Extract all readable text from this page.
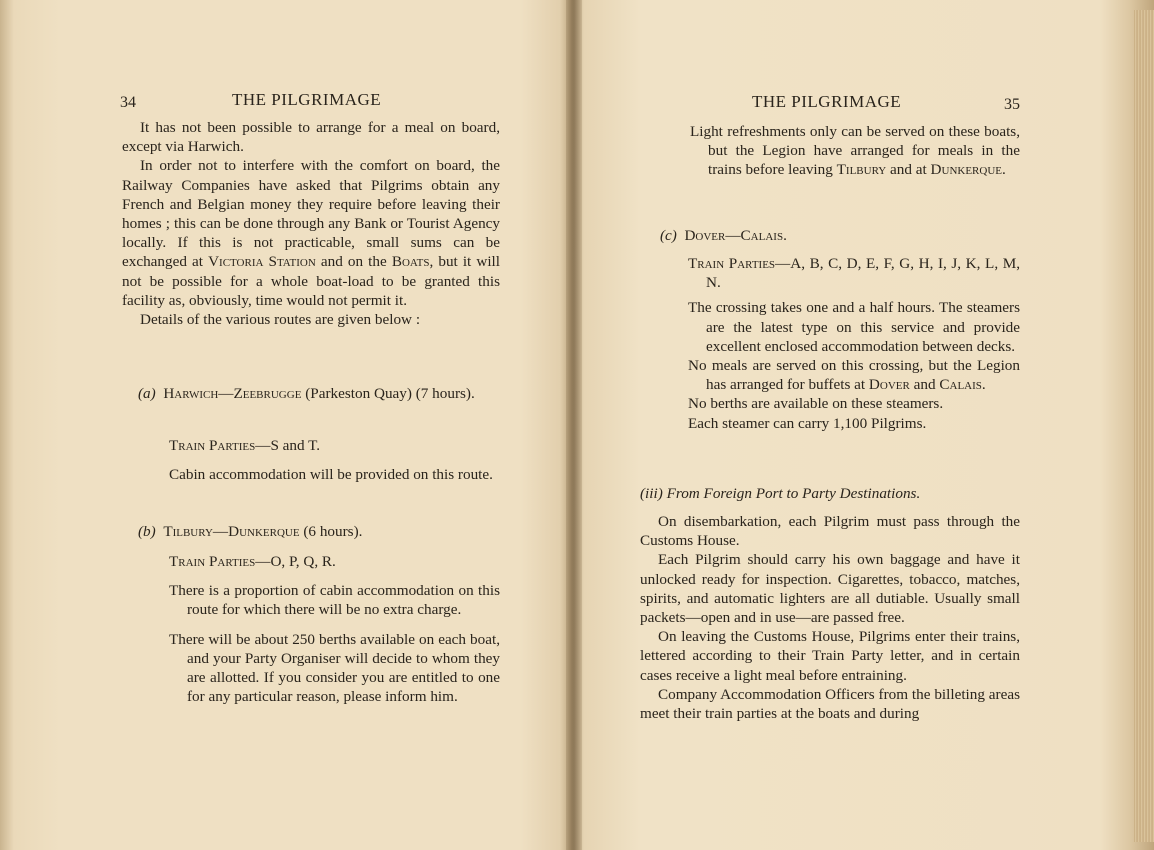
34	THE PILGRIMAGE

It has not been possible to arrange for a meal on board, except via Harwich.

In order not to interfere with the comfort on board, the Railway Companies have asked that Pilgrims obtain any French and Belgian money they require before leaving their homes ; this can be done through any Bank or Tourist Agency locally. If this is not practicable, small sums can be exchanged at Victoria Station and on the Boats, but it will not be possible for a whole boat-load to be granted this facility as, obviously, time would not permit it.

Details of the various routes are given below :

(a) Harwich—Zeebrugge (Parkeston Quay) (7 hours).

Train Parties—S and T.

Cabin accommodation will be provided on this route.

(b) Tilbury—Dunkerque (6 hours).

Train Parties—O, P, Q, R.

There is a proportion of cabin accommodation on this route for which there will be no extra charge.

There will be about 250 berths available on each boat, and your Party Organiser will decide to whom they are allotted. If you consider you are entitled to one for any particular reason, please inform him.

THE PILGRIMAGE	35

Light refreshments only can be served on these boats, but the Legion have arranged for meals in the trains before leaving Tilbury and at Dunkerque.

(c) Dover—Calais.

Train Parties—A, B, C, D, E, F, G, H, I, J, K, L, M, N.

The crossing takes one and a half hours. The steamers are the latest type on this service and provide excellent enclosed accommodation between decks.

No meals are served on this crossing, but the Legion has arranged for buffets at Dover and Calais.

No berths are available on these steamers.

Each steamer can carry 1,100 Pilgrims.

(iii) From Foreign Port to Party Destinations.

On disembarkation, each Pilgrim must pass through the Customs House.

Each Pilgrim should carry his own baggage and have it unlocked ready for inspection. Cigarettes, tobacco, matches, spirits, and automatic lighters are all dutiable. Usually small packets—open and in use—are passed free.

On leaving the Customs House, Pilgrims enter their trains, lettered according to their Train Party letter, and in certain cases receive a light meal before entraining.

Company Accommodation Officers from the billeting areas meet their train parties at the boats and during
